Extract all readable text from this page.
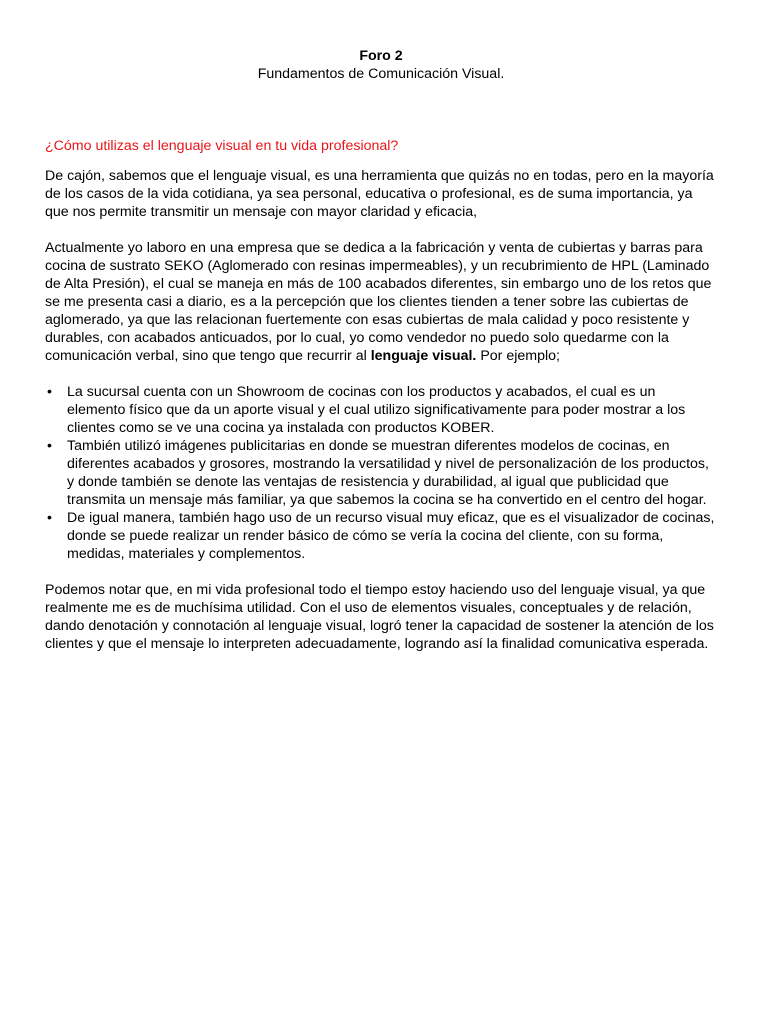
Foro 2

Fundamentos de Comunicación Visual.

¿Cómo utilizas el lenguaje visual en tu vida profesional?

De cajón, sabemos que el lenguaje visual, es una herramienta que quizás no en todas, pero en la mayoría de los casos de la vida cotidiana, ya sea personal, educativa o profesional, es de suma importancia, ya que nos permite transmitir un mensaje con mayor claridad y eficacia,

Actualmente yo laboro en una empresa que se dedica a la fabricación y venta de cubiertas y barras para cocina de sustrato SEKO (Aglomerado con resinas impermeables), y un recubrimiento de HPL (Laminado de Alta Presión), el cual se maneja en más de 100 acabados diferentes, sin embargo uno de los retos que se me presenta casi a diario, es a la percepción que los clientes tienden a tener sobre las cubiertas de aglomerado, ya que las relacionan fuertemente con esas cubiertas de mala calidad y poco resistente y durables, con acabados anticuados, por lo cual, yo como vendedor no puedo solo quedarme con la comunicación verbal, sino que tengo que recurrir al lenguaje visual. Por ejemplo;

• La sucursal cuenta con un Showroom de cocinas con los productos y acabados, el cual es un elemento físico que da un aporte visual y el cual utilizo significativamente para poder mostrar a los clientes como se ve una cocina ya instalada con productos KOBER.
• También utilizó imágenes publicitarias en donde se muestran diferentes modelos de cocinas, en diferentes acabados y grosores, mostrando la versatilidad y nivel de personalización de los productos, y donde también se denote las ventajas de resistencia y durabilidad, al igual que publicidad que transmita un mensaje más familiar, ya que sabemos la cocina se ha convertido en el centro del hogar.
• De igual manera, también hago uso de un recurso visual muy eficaz, que es el visualizador de cocinas, donde se puede realizar un render básico de cómo se vería la cocina del cliente, con su forma, medidas, materiales y complementos.

Podemos notar que, en mi vida profesional todo el tiempo estoy haciendo uso del lenguaje visual, ya que realmente me es de muchísima utilidad. Con el uso de elementos visuales, conceptuales y de relación, dando denotación y connotación al lenguaje visual, logró tener la capacidad de sostener la atención de los clientes y que el mensaje lo interpreten adecuadamente, logrando así la finalidad comunicativa esperada.
